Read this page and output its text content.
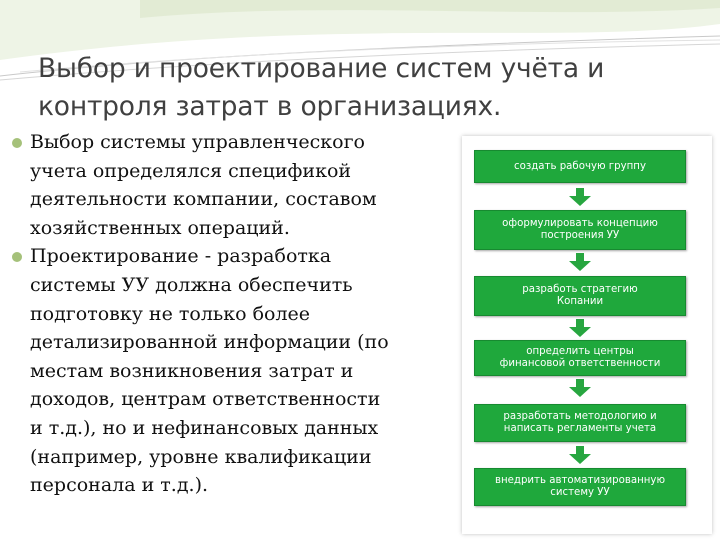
Выбор и проектирование систем учёта и
контроля затрат в организациях.
Выбор системы управленческого
учета определялся спецификой
деятельности компании, составом
хозяйственных операций.
Проектирование - разработка
системы УУ должна обеспечить
подготовку не только более
детализированной информации (по
местам возникновения затрат и
доходов, центрам ответственности
и т.д.), но и нефинансовых данных
(например, уровне квалификации
персонала и т.д.).
создать рабочую группу
оформулировать концепцию
построения УУ
разработь стратегию
Копании
определить центры
финансовой ответственности
разработать методологию и
написать регламенты учета
внедрить автоматизированную
систему УУ
